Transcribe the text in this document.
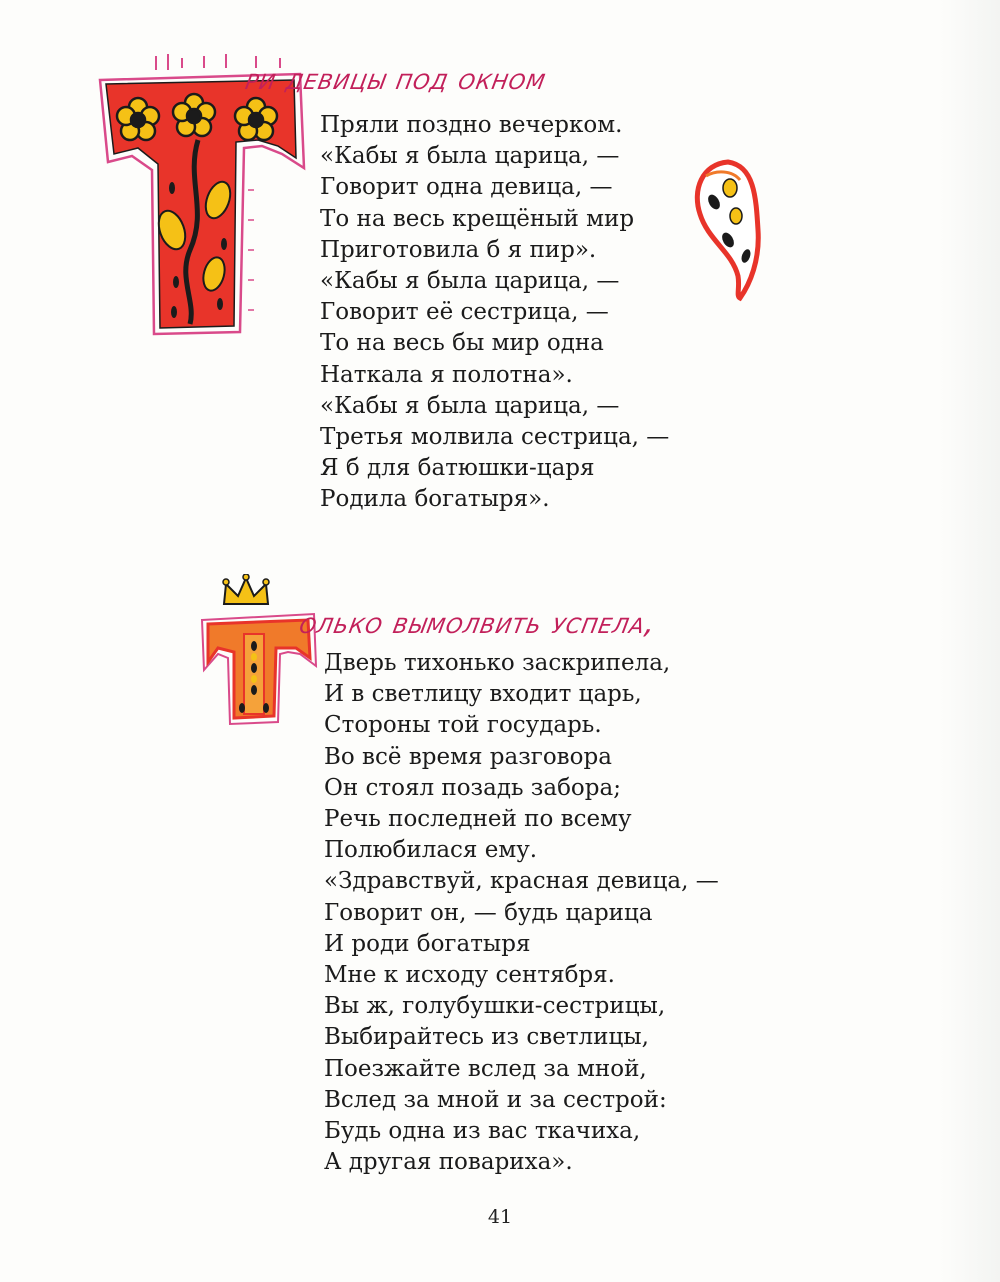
ри девицы под окном
Пряли поздно вечерком.
«Кабы я была царица, —
Говорит одна девица, —
То на весь крещёный мир
Приготовила б я пир».
«Кабы я была царица, —
Говорит её сестрица, —
То на весь бы мир одна
Наткала я полотна».
«Кабы я была царица, —
Третья молвила сестрица, —
Я б для батюшки-царя
Родила богатыря».
олько вымолвить успела,
Дверь тихонько заскрипела,
И в светлицу входит царь,
Стороны той государь.
Во всё время разговора
Он стоял позадь забора;
Речь последней по всему
Полюбилася ему.
«Здравствуй, красная девица, —
Говорит он, — будь царица
И роди богатыря
Мне к исходу сентября.
Вы ж, голубушки-сестрицы,
Выбирайтесь из светлицы,
Поезжайте вслед за мной,
Вслед за мной и за сестрой:
Будь одна из вас ткачиха,
А другая повариха».
41
